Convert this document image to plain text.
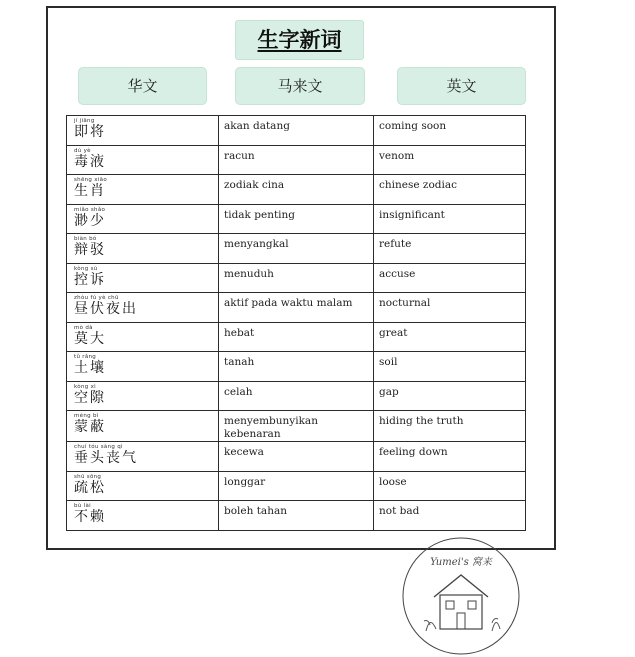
生字新词
华文	马来文	英文
jí jiāng
即将	akan datang	coming soon

dú yè
毒液	racun	venom

shēng xiāo
生肖	zodiak cina	chinese zodiac

miǎo shǎo
渺少	tidak penting	insignificant

biàn bó
辩驳	menyangkal	refute

kòng sù
控诉	menuduh	accuse

zhòu fú yè chū
昼伏夜出	aktif pada waktu malam	nocturnal

mò dà
莫大	hebat	great

tǔ rǎng
土壤	tanah	soil

kòng xì
空隙	celah	gap

méng bì
蒙蔽	menyembunyikan kebenaran	hiding the truth

chuí tóu sàng qì
垂头丧气	kecewa	feeling down

shū sōng
疏松	longgar	loose

bù lài
不赖	boleh tahan	not bad
Yumei's 窝来
